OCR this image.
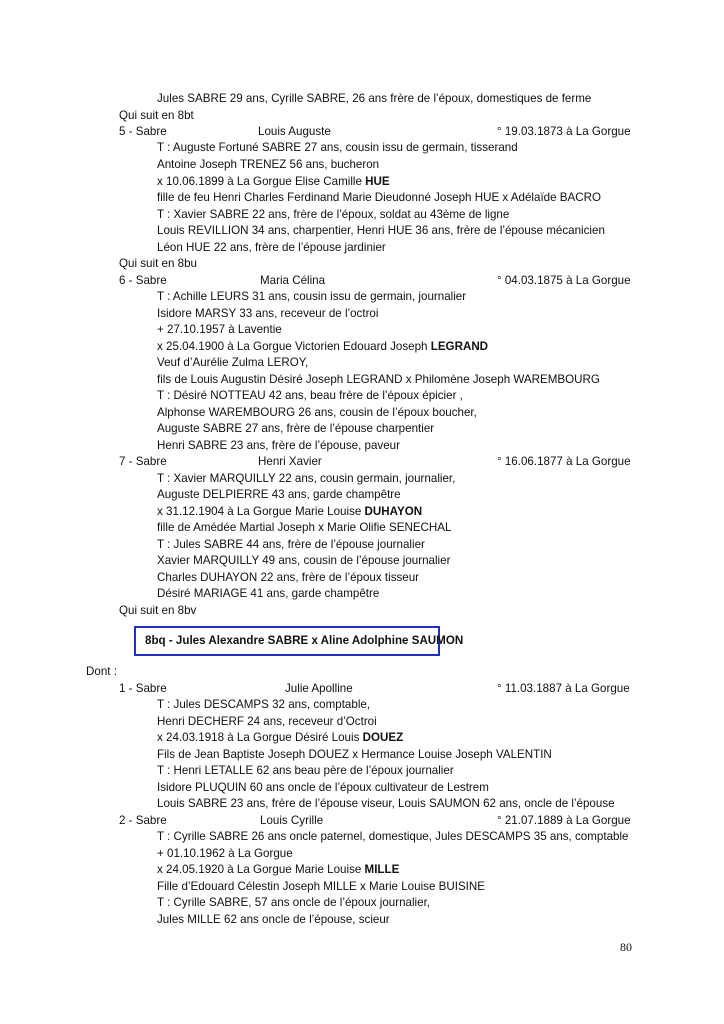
Jules SABRE 29 ans, Cyrille SABRE, 26 ans frère de l’époux, domestiques de ferme
Qui suit en 8bt
5 - Sabre	Louis Auguste	° 19.03.1873 à La Gorgue
T : Auguste Fortuné SABRE 27 ans, cousin issu de germain, tisserand
Antoine Joseph TRENEZ 56 ans, bucheron
x 10.06.1899 à La Gorgue Elise Camille HUE
fille de feu Henri Charles Ferdinand Marie Dieudonné Joseph HUE x Adélaïde BACRO
T : Xavier SABRE 22 ans, frère de l’époux, soldat au 43ème de ligne
Louis REVILLION 34 ans, charpentier, Henri HUE 36 ans, frère de l’épouse mécanicien
Léon HUE 22 ans, frère de l’épouse jardinier
Qui suit en 8bu
6 - Sabre	Maria Célina	° 04.03.1875 à La Gorgue
T : Achille LEURS 31 ans, cousin issu de germain, journalier
Isidore MARSY 33 ans, receveur de l’octroi
+ 27.10.1957 à Laventie
x 25.04.1900 à La Gorgue Victorien Edouard Joseph LEGRAND
Veuf d’Aurélie Zulma LEROY,
fils de Louis Augustin Désiré Joseph LEGRAND x Philomène Joseph WAREMBOURG
T : Désiré NOTTEAU 42 ans, beau frère de l’époux épicier ,
Alphonse WAREMBOURG 26 ans, cousin de l’époux boucher,
Auguste SABRE 27 ans, frère de l’épouse charpentier
Henri SABRE 23 ans, frère de l’épouse, paveur
7 - Sabre	Henri Xavier	° 16.06.1877 à La Gorgue
T : Xavier MARQUILLY 22 ans, cousin germain, journalier,
Auguste DELPIERRE 43 ans, garde champêtre
x 31.12.1904 à La Gorgue Marie Louise DUHAYON
fille de Amédée Martial Joseph x Marie Olifie SENECHAL
T : Jules SABRE 44 ans, frère de l’épouse journalier
Xavier MARQUILLY 49 ans, cousin de l’épouse journalier
Charles DUHAYON 22 ans, frère de l’époux tisseur
Désiré MARIAGE 41 ans, garde champêtre
Qui suit en 8bv
8bq - Jules Alexandre SABRE x Aline Adolphine SAUMON
Dont :
1 - Sabre	Julie Apolline	° 11.03.1887 à La Gorgue
T : Jules DESCAMPS 32 ans, comptable,
Henri DECHERF 24 ans, receveur d’Octroi
x 24.03.1918 à La Gorgue Désiré Louis DOUEZ
Fils de Jean Baptiste Joseph DOUEZ x Hermance Louise Joseph VALENTIN
T : Henri LETALLE 62 ans beau père de l’époux journalier
Isidore PLUQUIN 60 ans oncle de l’époux cultivateur de Lestrem
Louis SABRE 23 ans, frère de l’épouse viseur, Louis SAUMON 62 ans, oncle de l’épouse
2 - Sabre	Louis Cyrille	° 21.07.1889 à La Gorgue
T : Cyrille SABRE 26 ans oncle paternel, domestique, Jules DESCAMPS 35 ans, comptable
+ 01.10.1962 à La Gorgue
x 24.05.1920 à La Gorgue Marie Louise MILLE
Fille d’Edouard Célestin Joseph MILLE x Marie Louise BUISINE
T : Cyrille SABRE, 57 ans oncle de l’époux journalier,
Jules MILLE 62 ans oncle de l’épouse, scieur
80
